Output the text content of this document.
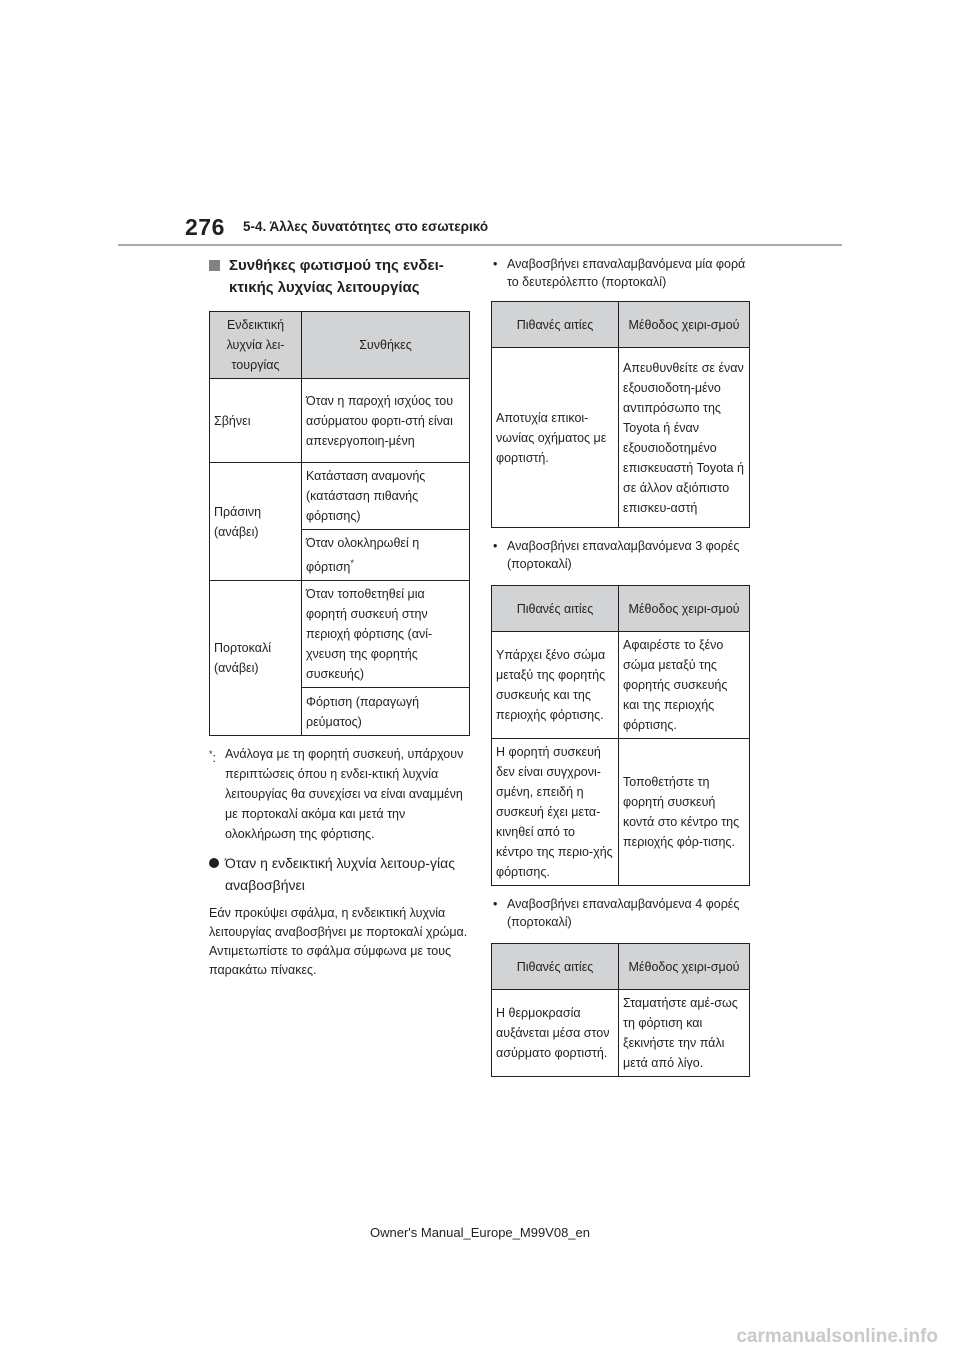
276 5-4. Άλλες δυνατότητες στο εσωτερικό
Συνθήκες φωτισμού της ενδει-
κτικής λυχνίας λειτουργίας
Ενδεικτική λυχνία λει-τουργίας	Συνθήκες
Σβήνει	Όταν η παροχή ισχύος του ασύρματου φορτι-στή είναι απενεργοποιη-μένη
Πράσινη (ανάβει)	Κατάσταση αναμονής (κατάσταση πιθανής φόρτισης)
	Όταν ολοκληρωθεί η φόρτιση*
Πορτοκαλί (ανάβει)	Όταν τοποθετηθεί μια φορητή συσκευή στην περιοχή φόρτισης (ανί-χνευση της φορητής συσκευής)
	Φόρτιση (παραγωγή ρεύματος)
*: Ανάλογα με τη φορητή συσκευή, υπάρχουν περιπτώσεις όπου η ενδει-κτική λυχνία λειτουργίας θα συνεχίσει να είναι αναμμένη με πορτοκαλί ακόμα και μετά την ολοκλήρωση της φόρτισης.
Όταν η ενδεικτική λυχνία λειτουρ-γίας αναβοσβήνει
Εάν προκύψει σφάλμα, η ενδεικτική λυχνία λειτουργίας αναβοσβήνει με πορτοκαλί χρώμα.
Αντιμετωπίστε το σφάλμα σύμφωνα με τους παρακάτω πίνακες.
• Αναβοσβήνει επαναλαμβανόμενα μία φορά το δευτερόλεπτο (πορτοκαλί)
Πιθανές αιτίες	Μέθοδος χειρι-σμού
Αποτυχία επικοι-νωνίας οχήματος με φορτιστή.	Απευθυνθείτε σε έναν εξουσιοδοτη-μένο αντιπρόσωπο της Toyota ή έναν εξουσιοδοτημένο επισκευαστή Toyota ή σε άλλον αξιόπιστο επισκευ-αστή
• Αναβοσβήνει επαναλαμβανόμενα 3 φορές (πορτοκαλί)
Πιθανές αιτίες	Μέθοδος χειρι-σμού
Υπάρχει ξένο σώμα μεταξύ της φορητής συσκευής και της περιοχής φόρτισης.	Αφαιρέστε το ξένο σώμα μεταξύ της φορητής συσκευής και της περιοχής φόρτισης.
Η φορητή συσκευή δεν είναι συγχρονι-σμένη, επειδή η συσκευή έχει μετα-κινηθεί από το κέντρο της περιο-χής φόρτισης.	Τοποθετήστε τη φορητή συσκευή κοντά στο κέντρο της περιοχής φόρ-τισης.
• Αναβοσβήνει επαναλαμβανόμενα 4 φορές (πορτοκαλί)
Πιθανές αιτίες	Μέθοδος χειρι-σμού
Η θερμοκρασία αυξάνεται μέσα στον ασύρματο φορτιστή.	Σταματήστε αμέ-σως τη φόρτιση και ξεκινήστε την πάλι μετά από λίγο.
Owner's Manual_Europe_M99V08_en
carmanualsonline.info
